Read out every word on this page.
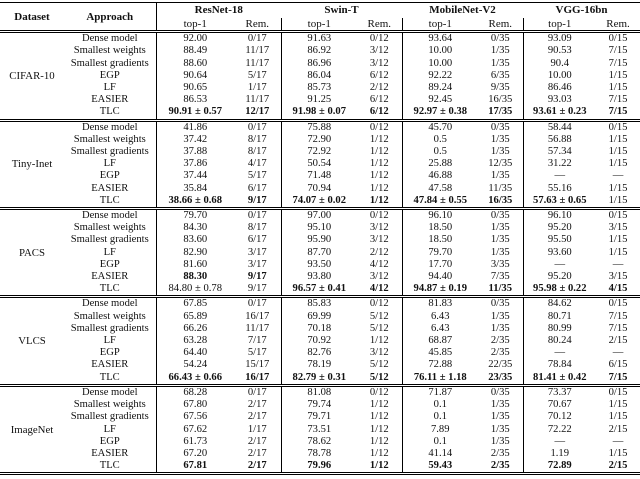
Dataset	Approach	ResNet-18		Swin-T		MobileNet-V2		VGG-16bn	
		top-1	Rem.	top-1	Rem.	top-1	Rem.	top-1	Rem.
CIFAR-10	Dense model	92.00	0/17	91.63	0/12	93.64	0/35	93.09	0/15
	Smallest weights	88.49	11/17	86.92	3/12	10.00	1/35	90.53	7/15
	Smallest gradients	88.60	11/17	86.96	3/12	10.00	1/35	90.4	7/15
	EGP	90.64	5/17	86.04	6/12	92.22	6/35	10.00	1/15
	LF	90.65	1/17	85.73	2/12	89.24	9/35	86.46	1/15
	EASIER	86.53	11/17	91.25	6/12	92.45	16/35	93.03	7/15
	TLC	90.91 ± 0.57	12/17	91.98 ± 0.07	6/12	92.97 ± 0.38	17/35	93.61 ± 0.23	7/15
Tiny-Inet	Dense model	41.86	0/17	75.88	0/12	45.70	0/35	58.44	0/15
	Smallest weights	37.42	8/17	72.90	1/12	0.5	1/35	56.88	1/15
	Smallest gradients	37.88	8/17	72.92	1/12	0.5	1/35	57.34	1/15
	LF	37.86	4/17	50.54	1/12	25.88	12/35	31.22	1/15
	EGP	37.44	5/17	71.48	1/12	46.88	1/35	—	—
	EASIER	35.84	6/17	70.94	1/12	47.58	11/35	55.16	1/15
	TLC	38.66 ± 0.68	9/17	74.07 ± 0.02	1/12	47.84 ± 0.55	16/35	57.63 ± 0.65	1/15
PACS	Dense model	79.70	0/17	97.00	0/12	96.10	0/35	96.10	0/15
	Smallest weights	84.30	8/17	95.10	3/12	18.50	1/35	95.20	3/15
	Smallest gradients	83.60	6/17	95.90	3/12	18.50	1/35	95.50	1/15
	LF	82.90	3/17	87.70	2/12	79.70	1/35	93.60	1/15
	EGP	81.60	3/17	93.50	4/12	17.70	3/35	—	—
	EASIER	88.30	9/17	93.80	3/12	94.40	7/35	95.20	3/15
	TLC	84.80 ± 0.78	9/17	96.57 ± 0.41	4/12	94.87 ± 0.19	11/35	95.98 ± 0.22	4/15
VLCS	Dense model	67.85	0/17	85.83	0/12	81.83	0/35	84.62	0/15
	Smallest weights	65.89	16/17	69.99	5/12	6.43	1/35	80.71	7/15
	Smallest gradients	66.26	11/17	70.18	5/12	6.43	1/35	80.99	7/15
	LF	63.28	7/17	70.92	1/12	68.87	2/35	80.24	2/15
	EGP	64.40	5/17	82.76	3/12	45.85	2/35	—	—
	EASIER	54.24	15/17	78.19	5/12	72.88	22/35	78.84	6/15
	TLC	66.43 ± 0.66	16/17	82.79 ± 0.31	5/12	76.11 ± 1.18	23/35	81.41 ± 0.42	7/15
ImageNet	Dense model	68.28	0/17	81.08	0/12	71.87	0/35	73.37	0/15
	Smallest weights	67.80	2/17	79.74	1/12	0.1	1/35	70.67	1/15
	Smallest gradients	67.56	2/17	79.71	1/12	0.1	1/35	70.12	1/15
	LF	67.62	1/17	73.51	1/12	7.89	1/35	72.22	2/15
	EGP	61.73	2/17	78.62	1/12	0.1	1/35	—	—
	EASIER	67.20	2/17	78.78	1/12	41.14	2/35	1.19	1/15
	TLC	67.81	2/17	79.96	1/12	59.43	2/35	72.89	2/15
